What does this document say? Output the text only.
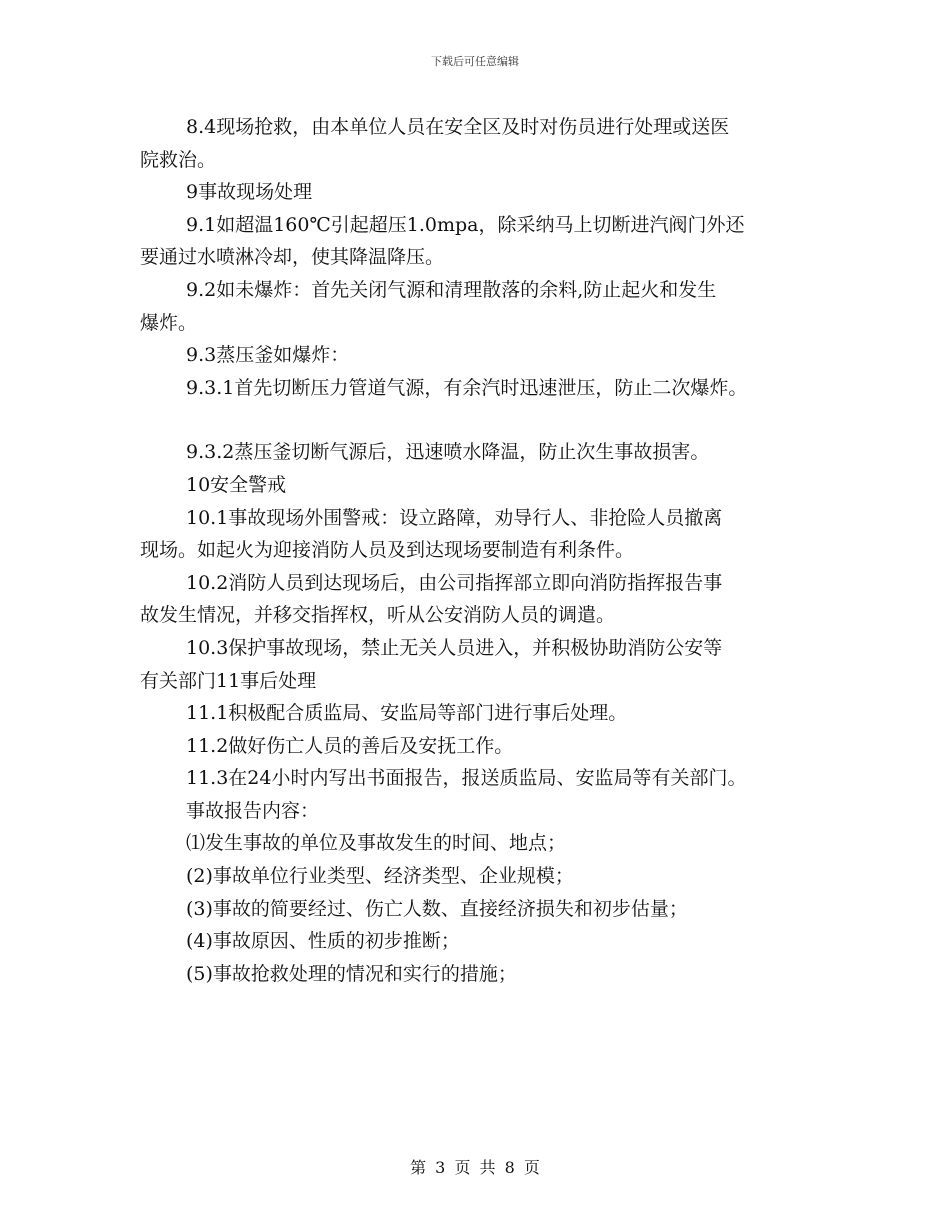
下载后可任意编辑
8.4现场抢救，由本单位人员在安全区及时对伤员进行处理或送医
院救治。
9事故现场处理
9.1如超温160℃引起超压1.0mpa，除采纳马上切断进汽阀门外还
要通过水喷淋冷却，使其降温降压。
9.2如未爆炸：首先关闭气源和清理散落的余料,防止起火和发生
爆炸。
9.3蒸压釜如爆炸：
9.3.1首先切断压力管道气源，有余汽时迅速泄压，防止二次爆炸。
9.3.2蒸压釜切断气源后，迅速喷水降温，防止次生事故损害。
10安全警戒
10.1事故现场外围警戒：设立路障，劝导行人、非抢险人员撤离
现场。如起火为迎接消防人员及到达现场要制造有利条件。
10.2消防人员到达现场后，由公司指挥部立即向消防指挥报告事
故发生情况，并移交指挥权，听从公安消防人员的调遣。
10.3保护事故现场，禁止无关人员进入，并积极协助消防公安等
有关部门11事后处理
11.1积极配合质监局、安监局等部门进行事后处理。
11.2做好伤亡人员的善后及安抚工作。
11.3在24小时内写出书面报告，报送质监局、安监局等有关部门。
事故报告内容：
⑴发生事故的单位及事故发生的时间、地点；
(2)事故单位行业类型、经济类型、企业规模；
(3)事故的简要经过、伤亡人数、直接经济损失和初步估量；
(4)事故原因、性质的初步推断；
(5)事故抢救处理的情况和实行的措施；
第 3 页 共 8 页
